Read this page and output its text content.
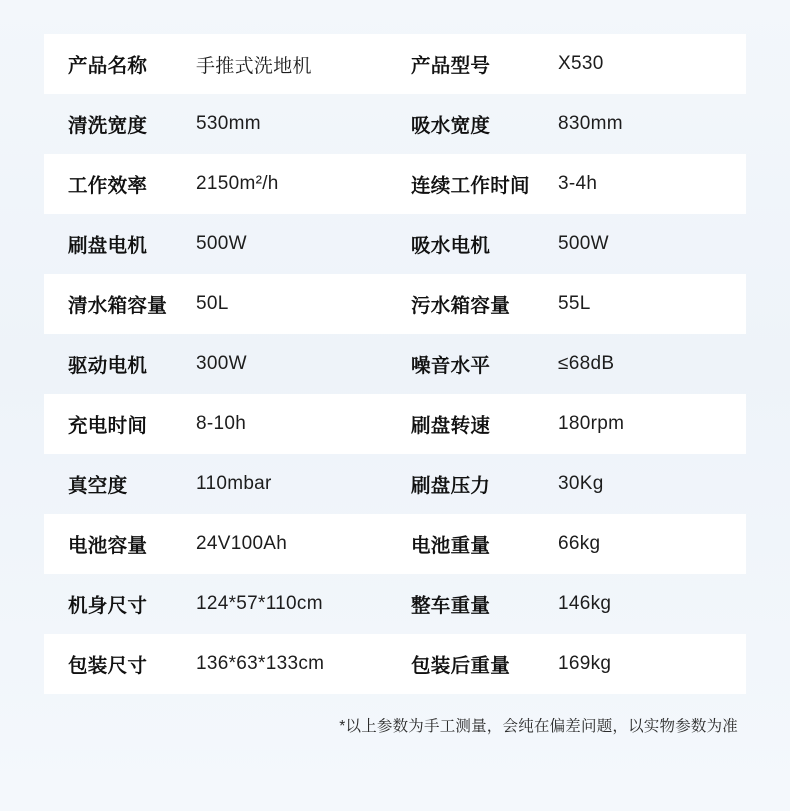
产品名称	手推式洗地机	产品型号	X530
清洗宽度	530mm	吸水宽度	830mm
工作效率	2150m²/h	连续工作时间	3-4h
刷盘电机	500W	吸水电机	500W
清水箱容量	50L	污水箱容量	55L
驱动电机	300W	噪音水平	≤68dB
充电时间	8-10h	刷盘转速	180rpm
真空度	110mbar	刷盘压力	30Kg
电池容量	24V100Ah	电池重量	66kg
机身尺寸	124*57*110cm	整车重量	146kg
包装尺寸	136*63*133cm	包装后重量	169kg
*以上参数为手工测量，会纯在偏差问题，以实物参数为准
